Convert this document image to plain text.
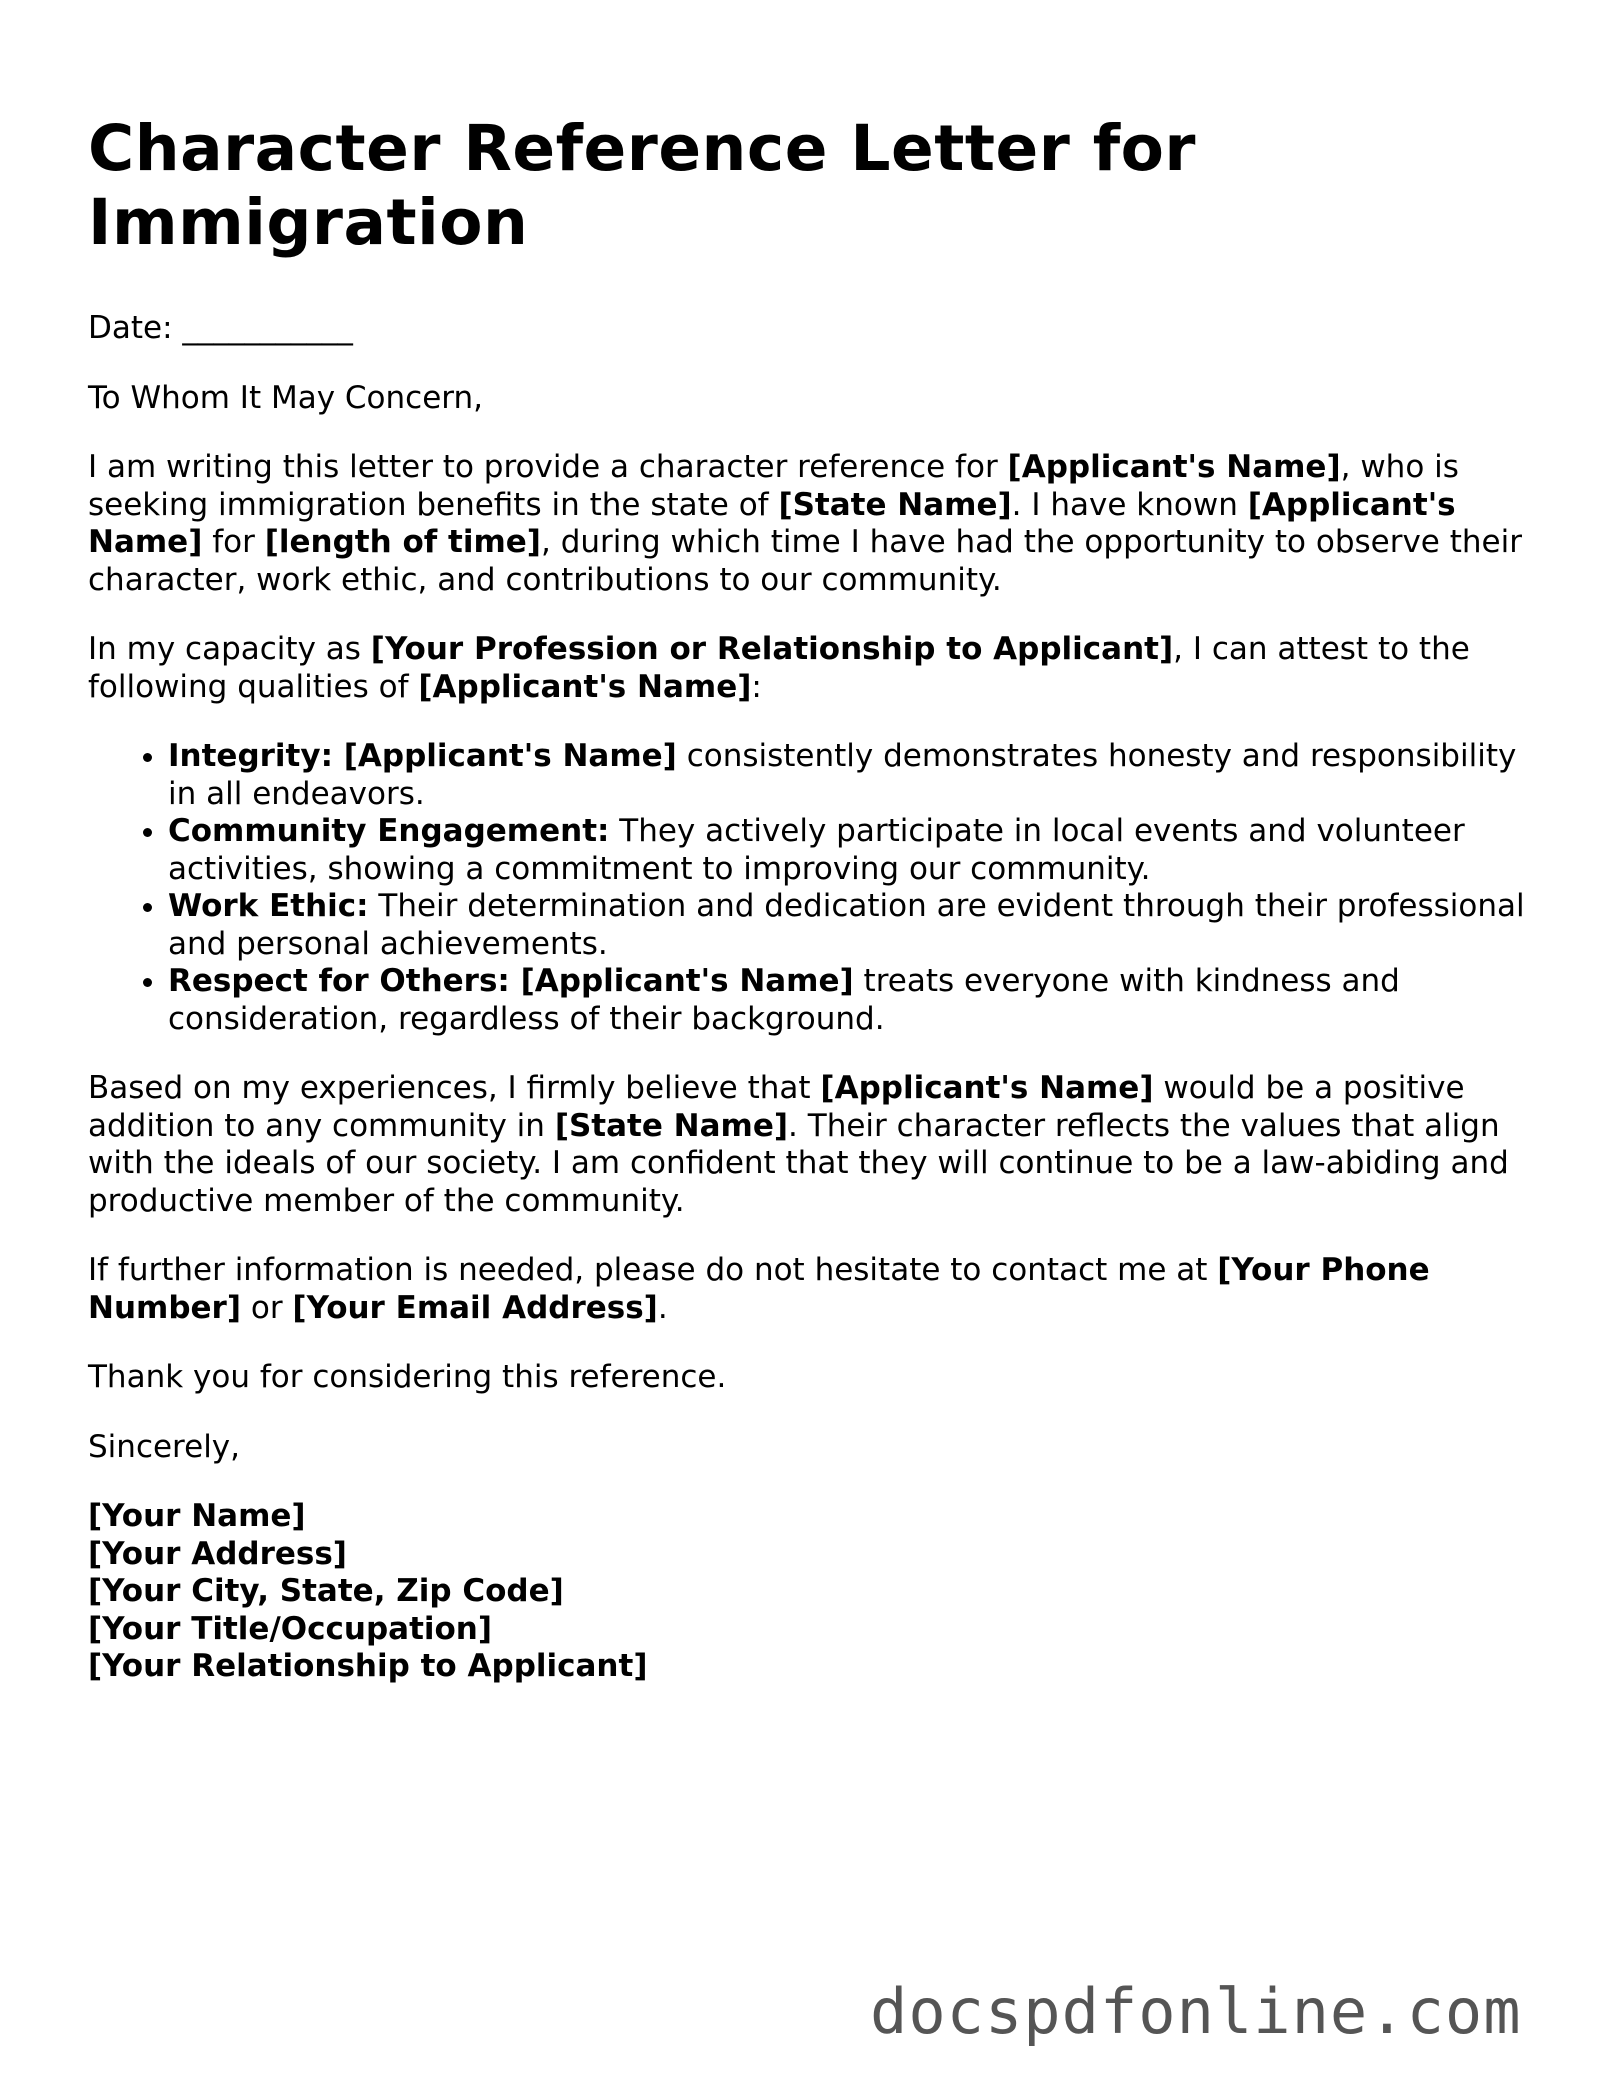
Character Reference Letter for Immigration

Date: ___________

To Whom It May Concern,

I am writing this letter to provide a character reference for [Applicant's Name], who is seeking immigration benefits in the state of [State Name]. I have known [Applicant's Name] for [length of time], during which time I have had the opportunity to observe their character, work ethic, and contributions to our community.

In my capacity as [Your Profession or Relationship to Applicant], I can attest to the following qualities of [Applicant's Name]:

• Integrity: [Applicant's Name] consistently demonstrates honesty and responsibility in all endeavors.
• Community Engagement: They actively participate in local events and volunteer activities, showing a commitment to improving our community.
• Work Ethic: Their determination and dedication are evident through their professional and personal achievements.
• Respect for Others: [Applicant's Name] treats everyone with kindness and consideration, regardless of their background.

Based on my experiences, I firmly believe that [Applicant's Name] would be a positive addition to any community in [State Name]. Their character reflects the values that align with the ideals of our society. I am confident that they will continue to be a law-abiding and productive member of the community.

If further information is needed, please do not hesitate to contact me at [Your Phone Number] or [Your Email Address].

Thank you for considering this reference.

Sincerely,

[Your Name]
[Your Address]
[Your City, State, Zip Code]
[Your Title/Occupation]
[Your Relationship to Applicant]
docspdfonline.com
